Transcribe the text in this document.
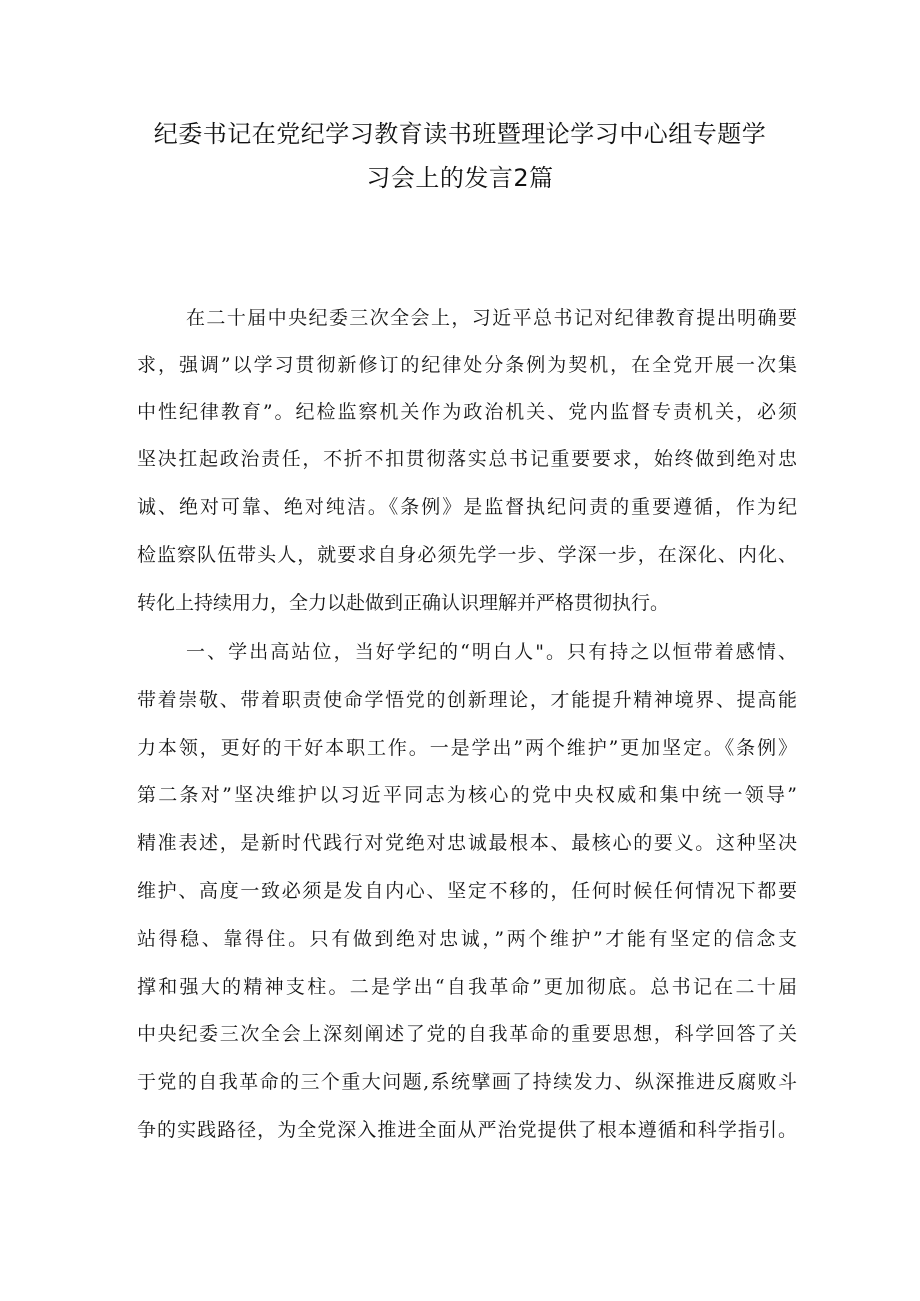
纪委书记在党纪学习教育读书班暨理论学习中心组专题学
习会上的发言2篇
在二十届中央纪委三次全会上，习近平总书记对纪律教育提出明确要
求，强调”以学习贯彻新修订的纪律处分条例为契机，在全党开展一次集
中性纪律教育”。纪检监察机关作为政治机关、党内监督专责机关，必须
坚决扛起政治责任，不折不扣贯彻落实总书记重要要求，始终做到绝对忠
诚、绝对可靠、绝对纯洁。《条例》是监督执纪问责的重要遵循，作为纪
检监察队伍带头人，就要求自身必须先学一步、学深一步，在深化、内化、
转化上持续用力，全力以赴做到正确认识理解并严格贯彻执行。
一、学出高站位，当好学纪的“明白人"。只有持之以恒带着感情、
带着崇敬、带着职责使命学悟党的创新理论，才能提升精神境界、提高能
力本领，更好的干好本职工作。一是学出”两个维护”更加坚定。《条例》
第二条对”坚决维护以习近平同志为核心的党中央权威和集中统一领导”
精准表述，是新时代践行对党绝对忠诚最根本、最核心的要义。这种坚决
维护、高度一致必须是发自内心、坚定不移的，任何时候任何情况下都要
站得稳、靠得住。只有做到绝对忠诚，”两个维护”才能有坚定的信念支
撑和强大的精神支柱。二是学出“自我革命”更加彻底。总书记在二十届
中央纪委三次全会上深刻阐述了党的自我革命的重要思想，科学回答了关
于党的自我革命的三个重大问题,系统擘画了持续发力、纵深推进反腐败斗
争的实践路径，为全党深入推进全面从严治党提供了根本遵循和科学指引。
